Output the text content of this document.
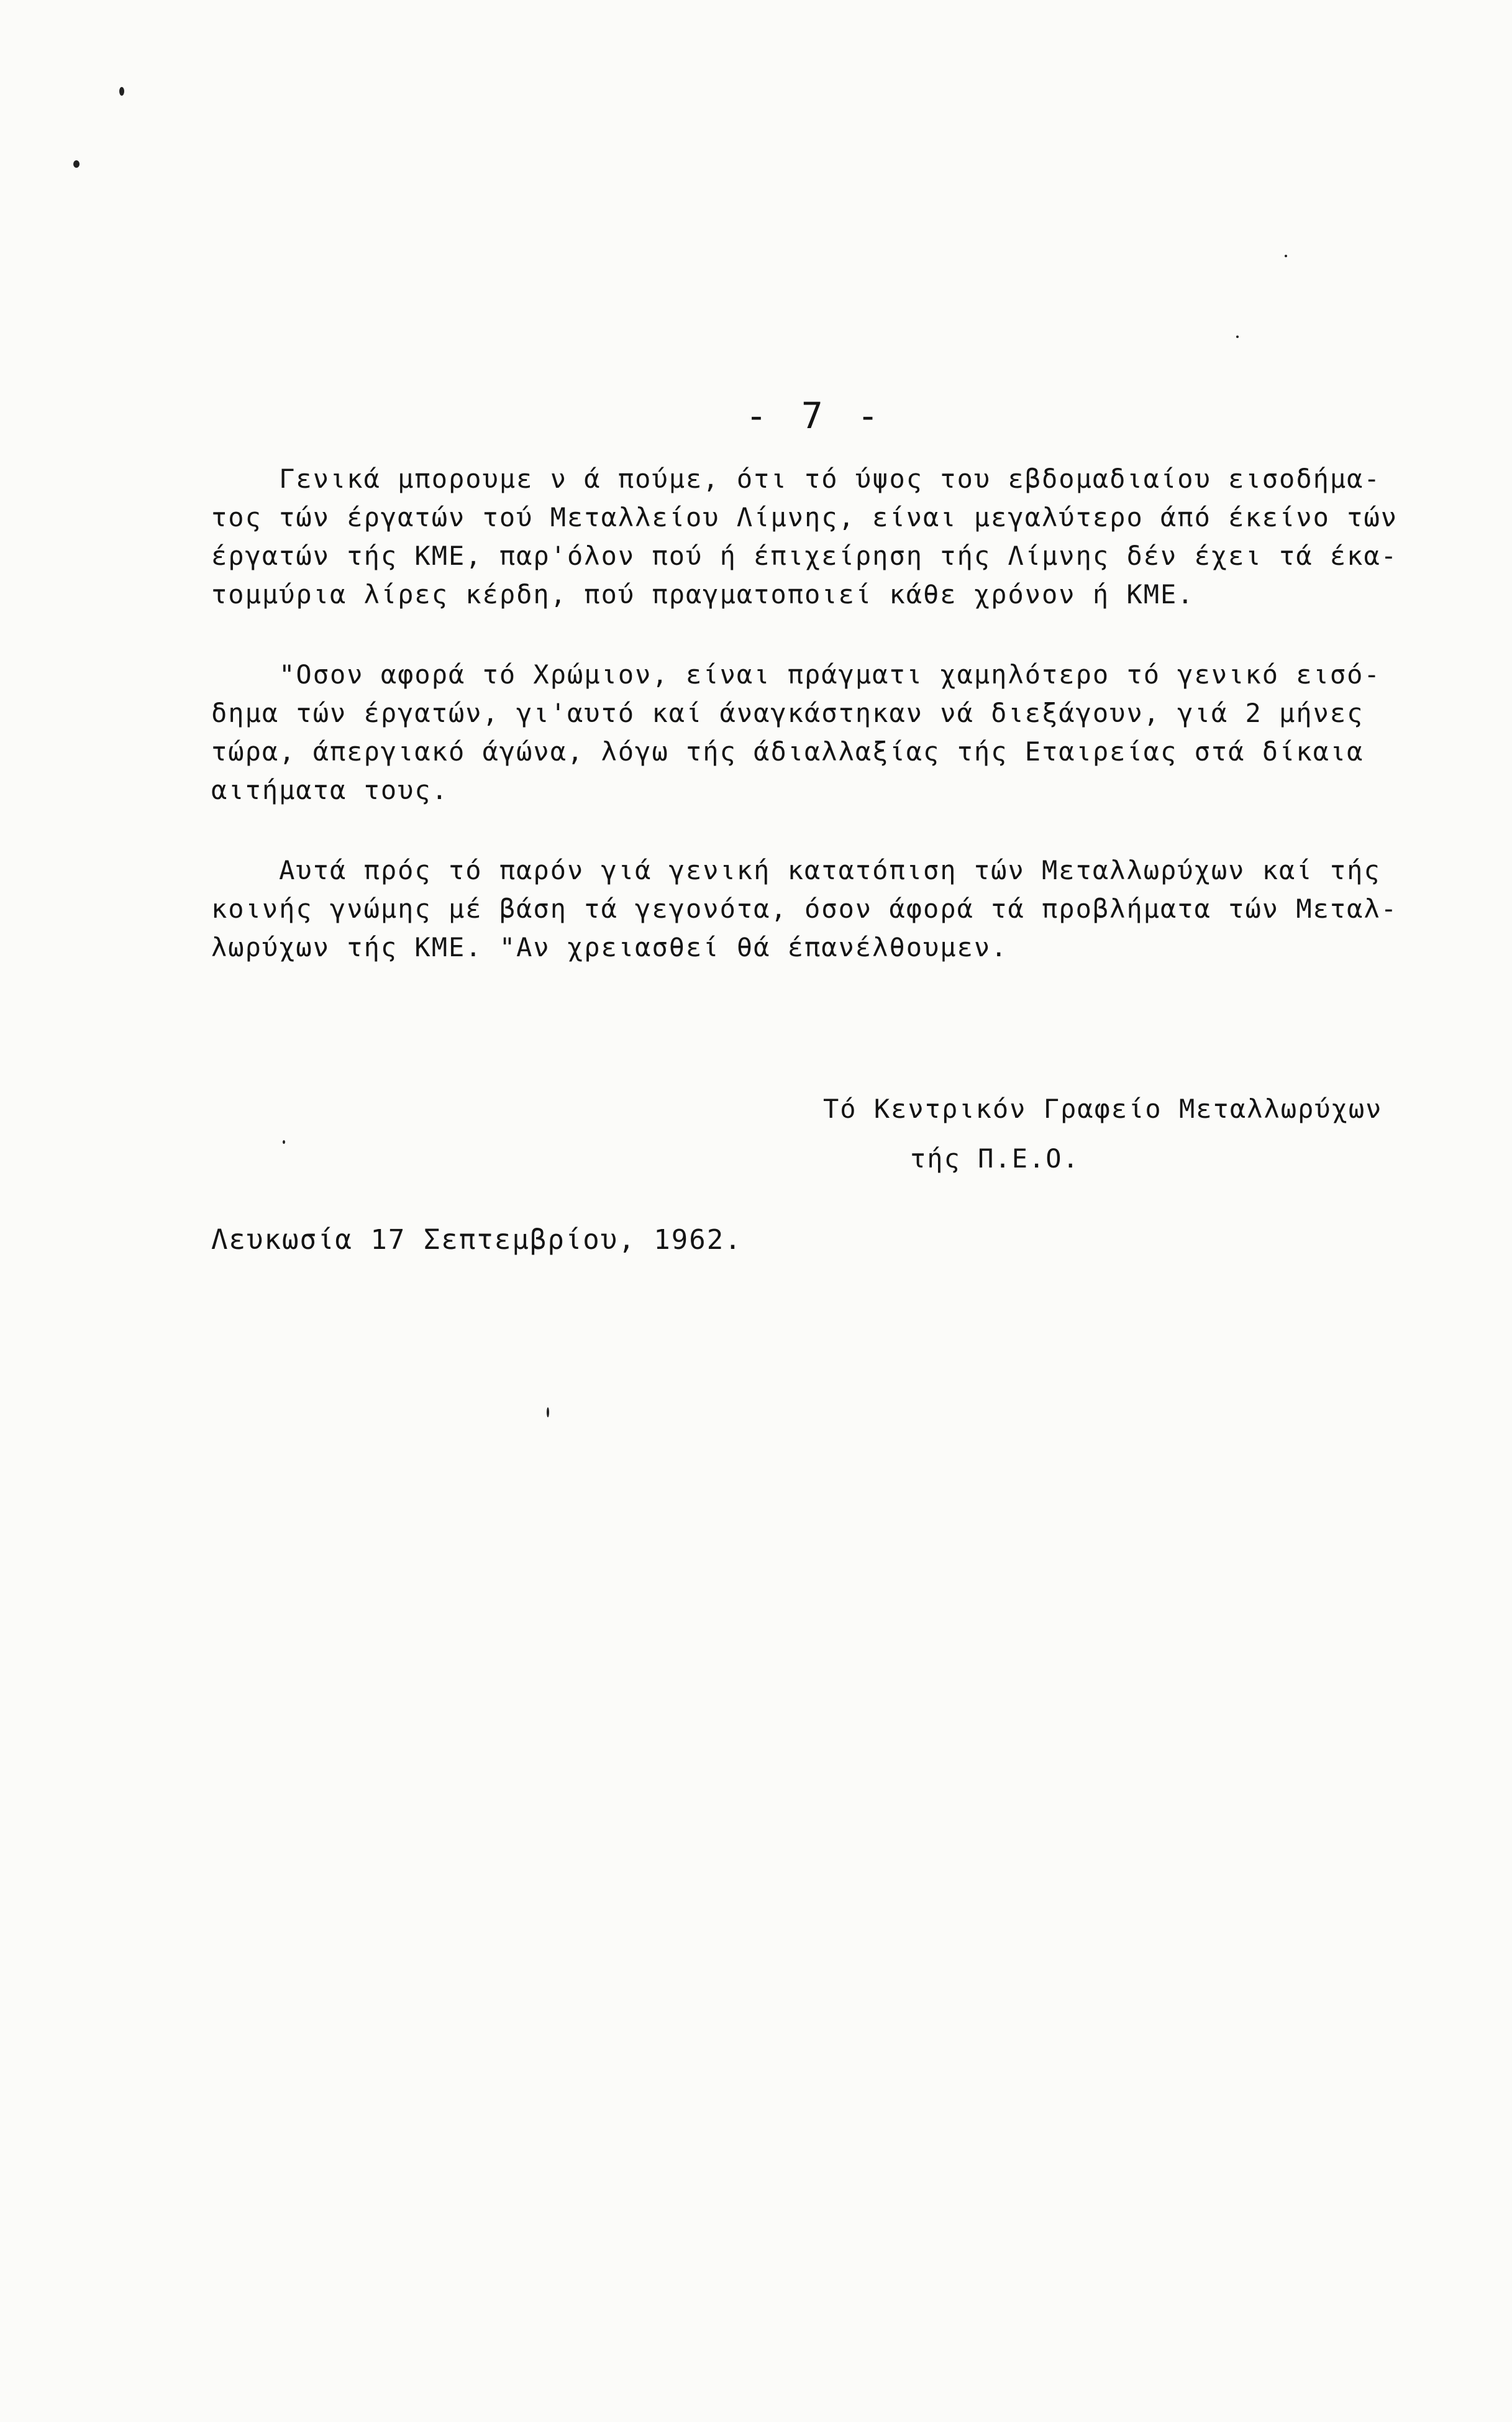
- 7 -
Γενικά μπορουμε ν ά πούμε, ότι τό ύψος του εβδομαδιαίου εισοδήμα-
τος τών έργατών τού Μεταλλείου Λίμνης, είναι μεγαλύτερο άπό έκείνο τών
έργατών τής ΚΜΕ, παρ'όλον πού ή έπιχείρηση τής Λίμνης δέν έχει τά έκα-
τομμύρια λίρες κέρδη, πού πραγματοποιεί κάθε χρόνον ή ΚΜΕ.
"Οσον αφορά τό Χρώμιον, είναι πράγματι χαμηλότερο τό γενικό εισό-
δημα τών έργατών, γι'αυτό καί άναγκάστηκαν νά διεξάγουν, γιά 2 μήνες
τώρα, άπεργιακό άγώνα, λόγω τής άδιαλλαξίας τής Εταιρείας στά δίκαια
αιτήματα τους.
Αυτά πρός τό παρόν γιά γενική κατατόπιση τών Μεταλλωρύχων καί τής
κοινής γνώμης μέ βάση τά γεγονότα, όσον άφορά τά προβλήματα τών Μεταλ-
λωρύχων τής ΚΜΕ. "Αν χρειασθεί θά έπανέλθουμεν.
Τό Κεντρικόν Γραφείο Μεταλλωρύχων
τής Π.Ε.Ο.
Λευκωσία 17 Σεπτεμβρίου, 1962.
